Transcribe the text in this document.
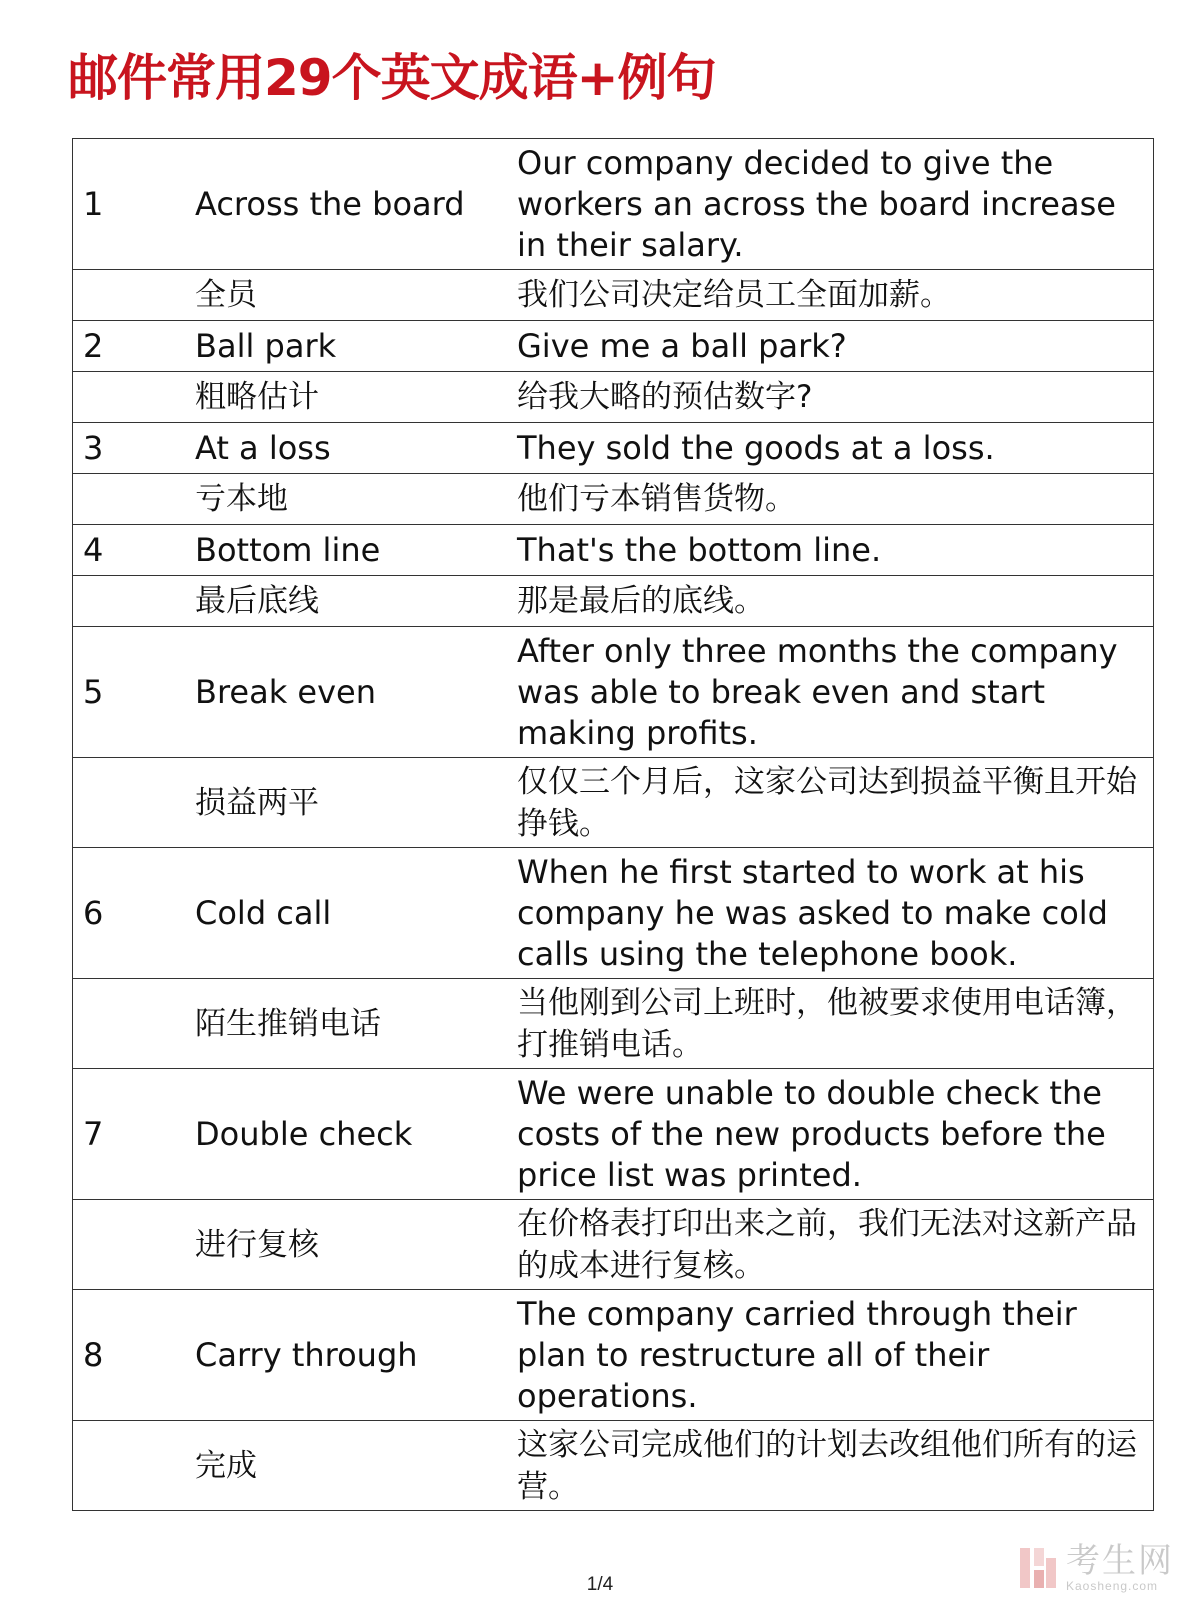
邮件常用29个英文成语+例句
1	Across the board	Our company decided to give the workers an across the board increase in their salary.
	全员	我们公司决定给员工全面加薪。
2	Ball park	Give me a ball park?
	粗略估计	给我大略的预估数字?
3	At a loss	They sold the goods at a loss.
	亏本地	他们亏本销售货物。
4	Bottom line	That's the bottom line.
	最后底线	那是最后的底线。
5	Break even	After only three months the company was able to break even and start making profits.
	损益两平	仅仅三个月后，这家公司达到损益平衡且开始挣钱。
6	Cold call	When he first started to work at his company he was asked to make cold calls using the telephone book.
	陌生推销电话	当他刚到公司上班时，他被要求使用电话簿，打推销电话。
7	Double check	We were unable to double check the costs of the new products before the price list was printed.
	进行复核	在价格表打印出来之前，我们无法对这新产品的成本进行复核。
8	Carry through	The company carried through their plan to restructure all of their operations.
	完成	这家公司完成他们的计划去改组他们所有的运营。
1/4
考生网
Kaosheng.com
